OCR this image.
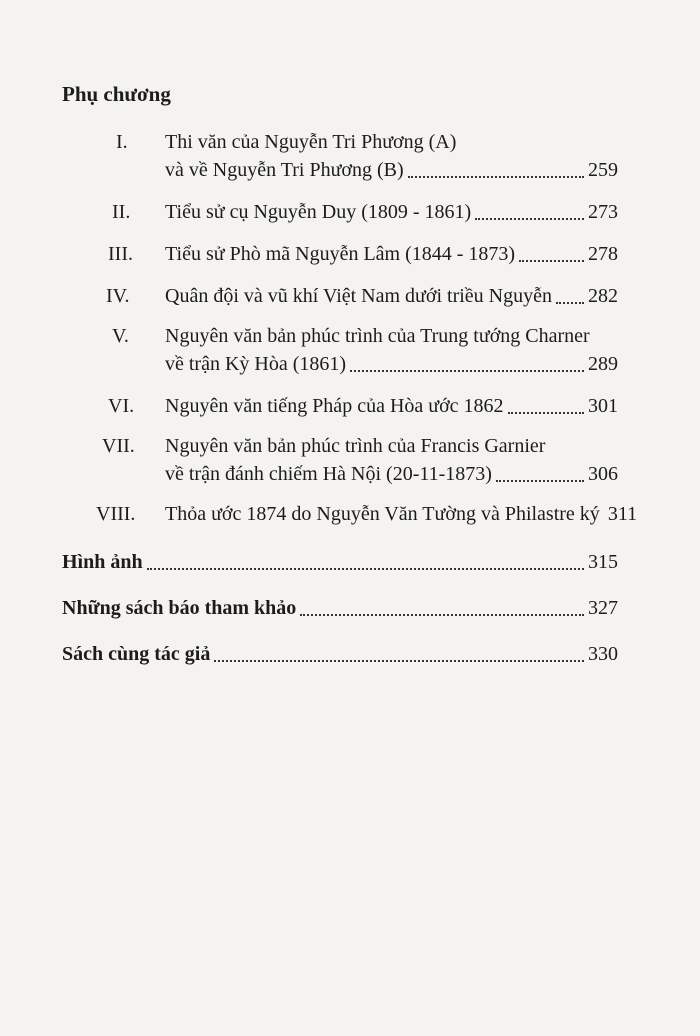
Phụ chương
I. Thi văn của Nguyễn Tri Phương (A)
và về Nguyễn Tri Phương (B)	259
II. Tiểu sử cụ Nguyễn Duy (1809 - 1861)	273
III. Tiểu sử Phò mã Nguyễn Lâm (1844 - 1873)	278
IV. Quân đội và vũ khí Việt Nam dưới triều Nguyễn 282
V. Nguyên văn bản phúc trình của Trung tướng Charner
về trận Kỳ Hòa (1861)	289
VI. Nguyên văn tiếng Pháp của Hòa ước 1862	301
VII. Nguyên văn bản phúc trình của Francis Garnier
về trận đánh chiếm Hà Nội (20-11-1873)	306
VIII. Thỏa ước 1874 do Nguyễn Văn Tường và Philastre ký 311
Hình ảnh	315
Những sách báo tham khảo	327
Sách cùng tác giả	330
